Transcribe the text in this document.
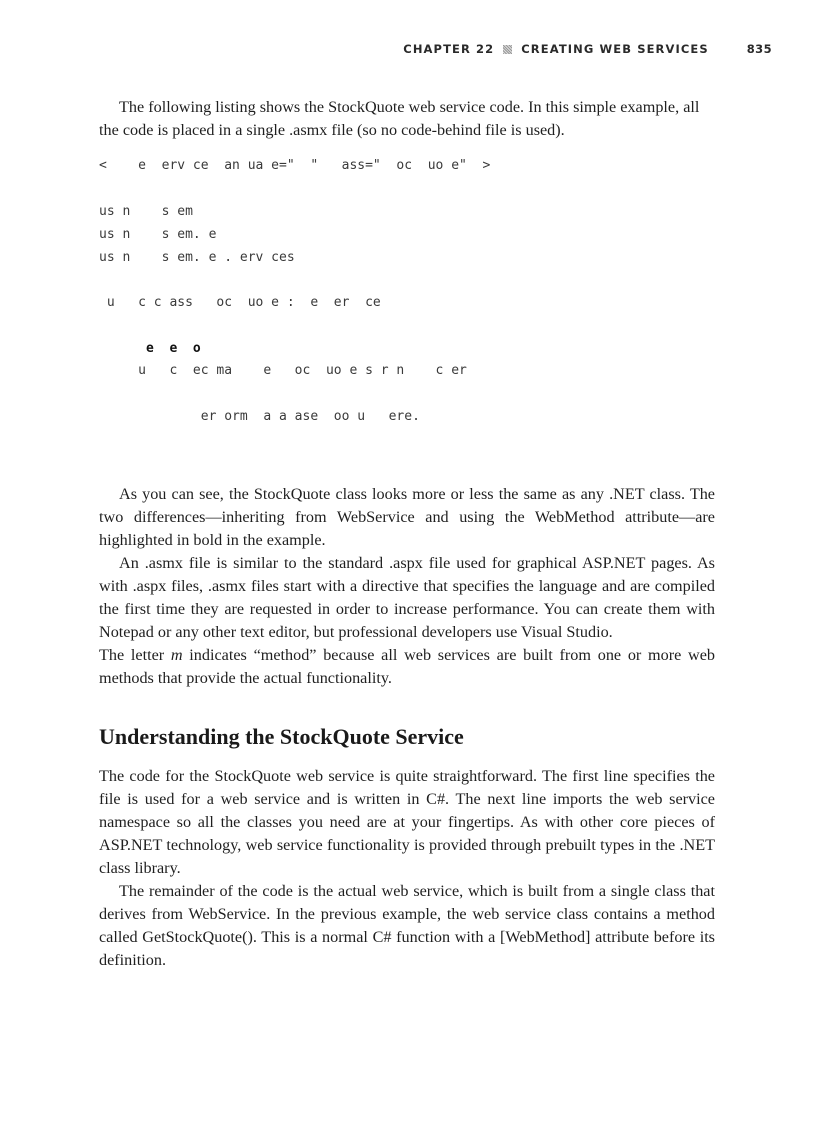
CHAPTER 22 CREATING WEB SERVICES	835

The following listing shows the StockQuote web service code. In this simple example, all the code is placed in a single .asmx file (so no code-behind file is used).

<    e  erv ce  an ua e="  "   ass="  oc  uo e"  >
us n    s em
us n    s em. e
us n    s em. e . erv ces
u   c c ass   oc  uo e :  e  er  ce
e  e  o
u   c  ec ma    e   oc  uo e s r n    c er
er orm  a a ase  oo u   ere.

As you can see, the StockQuote class looks more or less the same as any .NET class. The two differences—inheriting from WebService and using the WebMethod attribute—are highlighted in bold in the example.

An .asmx file is similar to the standard .aspx file used for graphical ASP.NET pages. As with .aspx files, .asmx files start with a directive that specifies the language and are compiled the first time they are requested in order to increase performance. You can create them with Notepad or any other text editor, but professional developers use Visual Studio.

The letter m indicates “method” because all web services are built from one or more web methods that provide the actual functionality.

Understanding the StockQuote Service

The code for the StockQuote web service is quite straightforward. The first line specifies the file is used for a web service and is written in C#. The next line imports the web service namespace so all the classes you need are at your fingertips. As with other core pieces of ASP.NET technology, web service functionality is provided through prebuilt types in the .NET class library.

The remainder of the code is the actual web service, which is built from a single class that derives from WebService. In the previous example, the web service class contains a method called GetStockQuote(). This is a normal C# function with a [WebMethod] attribute before its definition.
